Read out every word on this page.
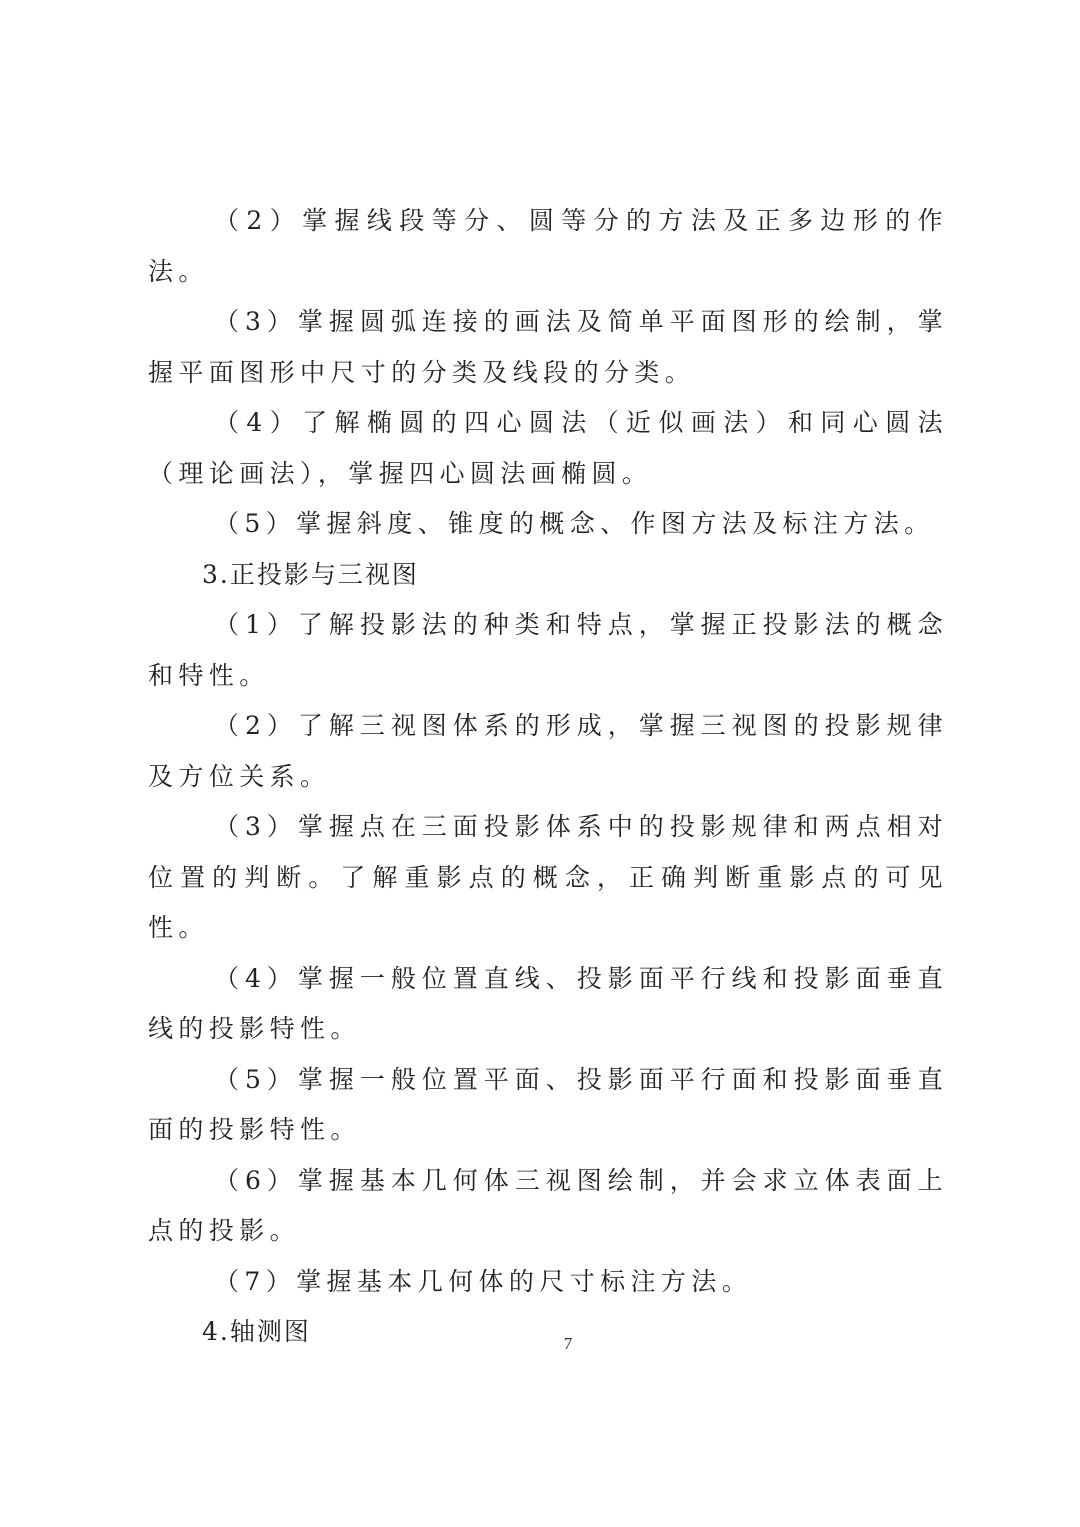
（2）掌握线段等分、圆等分的方法及正多边形的作法。

（3）掌握圆弧连接的画法及简单平面图形的绘制，掌握平面图形中尺寸的分类及线段的分类。

（4）了解椭圆的四心圆法（近似画法）和同心圆法（理论画法），掌握四心圆法画椭圆。

（5）掌握斜度、锥度的概念、作图方法及标注方法。

3.正投影与三视图

（1）了解投影法的种类和特点，掌握正投影法的概念和特性。

（2）了解三视图体系的形成，掌握三视图的投影规律及方位关系。

（3）掌握点在三面投影体系中的投影规律和两点相对位置的判断。了解重影点的概念，正确判断重影点的可见性。

（4）掌握一般位置直线、投影面平行线和投影面垂直线的投影特性。

（5）掌握一般位置平面、投影面平行面和投影面垂直面的投影特性。

（6）掌握基本几何体三视图绘制，并会求立体表面上点的投影。

（7）掌握基本几何体的尺寸标注方法。

4.轴测图	7
